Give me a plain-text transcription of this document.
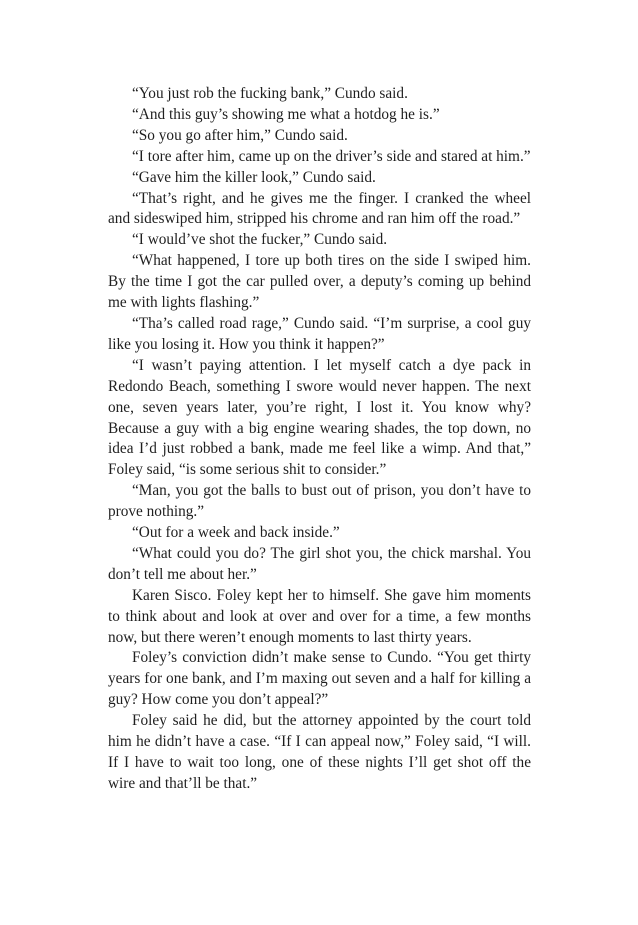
“You just rob the fucking bank,” Cundo said.

“And this guy’s showing me what a hotdog he is.”

“So you go after him,” Cundo said.

“I tore after him, came up on the driver’s side and stared at him.”

“Gave him the killer look,” Cundo said.

“That’s right, and he gives me the finger. I cranked the wheel and sideswiped him, stripped his chrome and ran him off the road.”

“I would’ve shot the fucker,” Cundo said.

“What happened, I tore up both tires on the side I swiped him. By the time I got the car pulled over, a deputy’s coming up behind me with lights flashing.”

“Tha’s called road rage,” Cundo said. “I’m surprise, a cool guy like you losing it. How you think it happen?”

“I wasn’t paying attention. I let myself catch a dye pack in Redondo Beach, something I swore would never happen. The next one, seven years later, you’re right, I lost it. You know why? Because a guy with a big engine wearing shades, the top down, no idea I’d just robbed a bank, made me feel like a wimp. And that,” Foley said, “is some serious shit to consider.”

“Man, you got the balls to bust out of prison, you don’t have to prove nothing.”

“Out for a week and back inside.”

“What could you do? The girl shot you, the chick marshal. You don’t tell me about her.”

Karen Sisco. Foley kept her to himself. She gave him moments to think about and look at over and over for a time, a few months now, but there weren’t enough moments to last thirty years.

Foley’s conviction didn’t make sense to Cundo. “You get thirty years for one bank, and I’m maxing out seven and a half for killing a guy? How come you don’t appeal?”

Foley said he did, but the attorney appointed by the court told him he didn’t have a case. “If I can appeal now,” Foley said, “I will. If I have to wait too long, one of these nights I’ll get shot off the wire and that’ll be that.”
